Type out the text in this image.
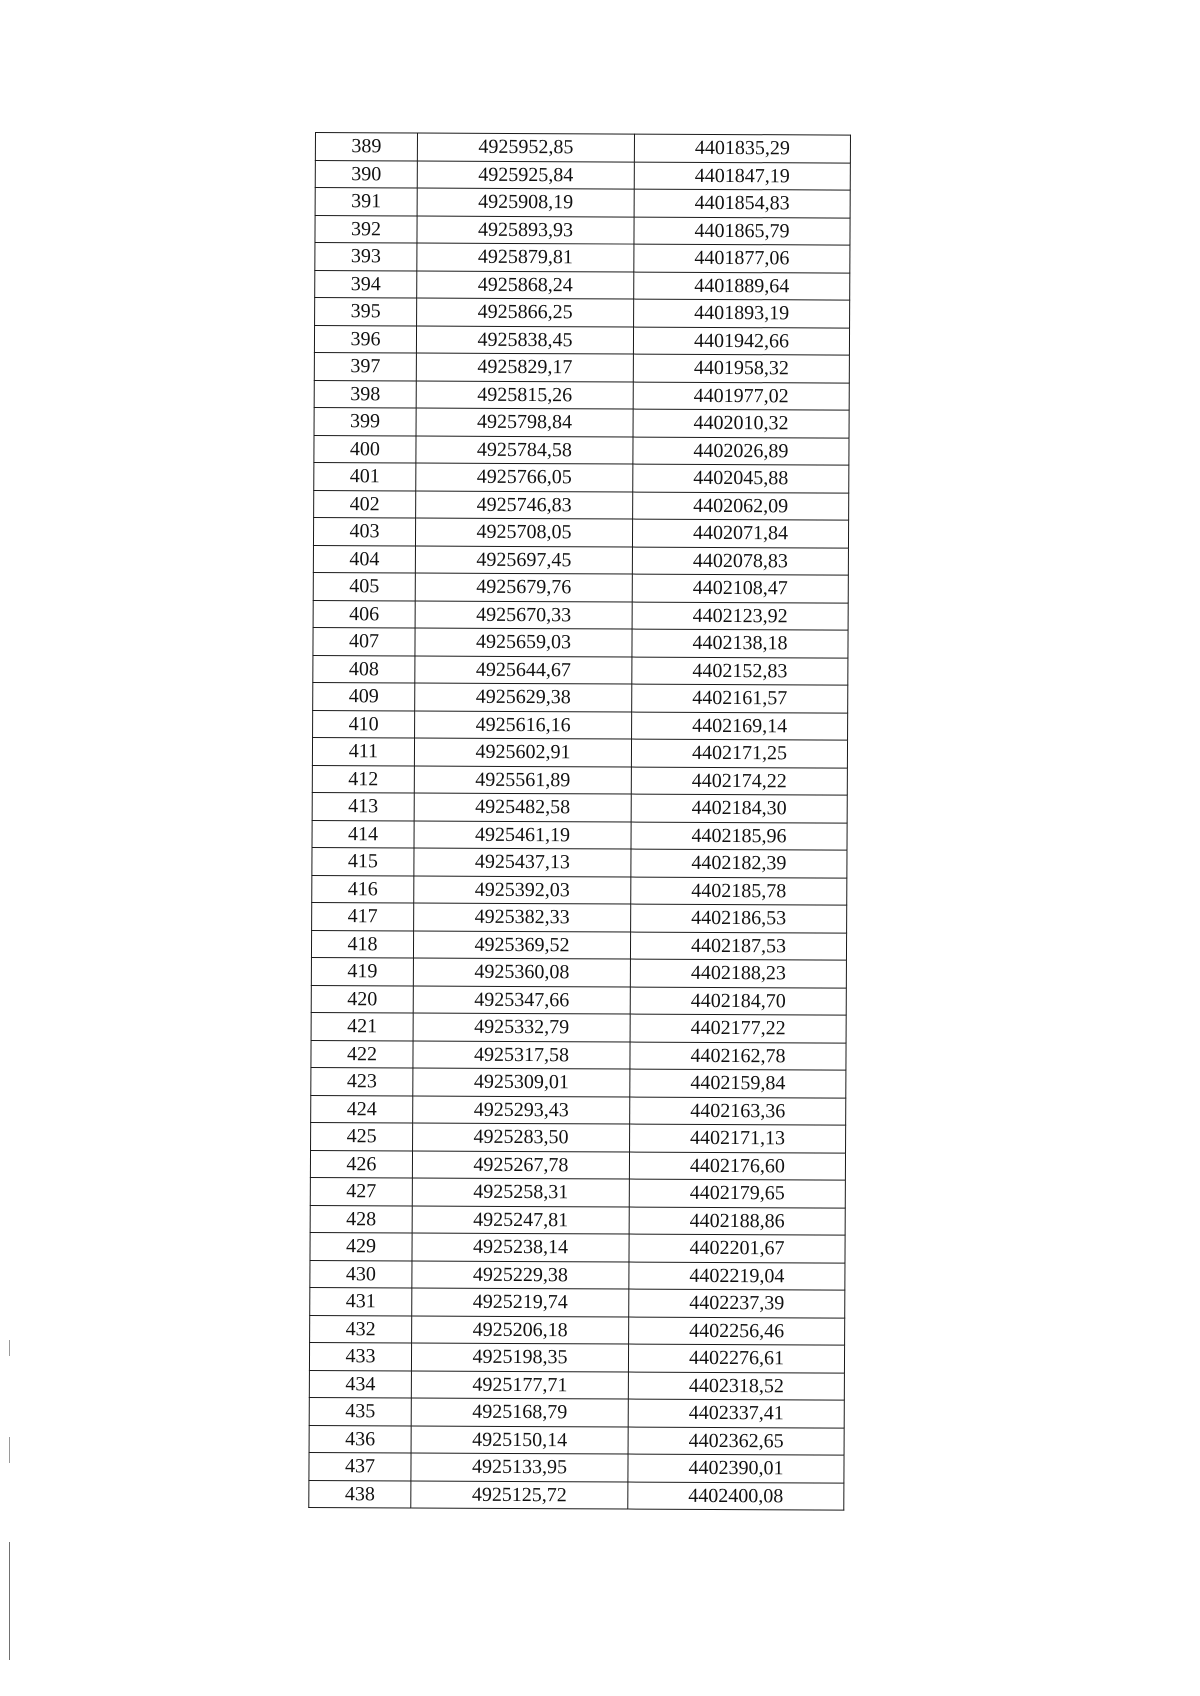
389	4925952,85	4401835,29
390	4925925,84	4401847,19
391	4925908,19	4401854,83
392	4925893,93	4401865,79
393	4925879,81	4401877,06
394	4925868,24	4401889,64
395	4925866,25	4401893,19
396	4925838,45	4401942,66
397	4925829,17	4401958,32
398	4925815,26	4401977,02
399	4925798,84	4402010,32
400	4925784,58	4402026,89
401	4925766,05	4402045,88
402	4925746,83	4402062,09
403	4925708,05	4402071,84
404	4925697,45	4402078,83
405	4925679,76	4402108,47
406	4925670,33	4402123,92
407	4925659,03	4402138,18
408	4925644,67	4402152,83
409	4925629,38	4402161,57
410	4925616,16	4402169,14
411	4925602,91	4402171,25
412	4925561,89	4402174,22
413	4925482,58	4402184,30
414	4925461,19	4402185,96
415	4925437,13	4402182,39
416	4925392,03	4402185,78
417	4925382,33	4402186,53
418	4925369,52	4402187,53
419	4925360,08	4402188,23
420	4925347,66	4402184,70
421	4925332,79	4402177,22
422	4925317,58	4402162,78
423	4925309,01	4402159,84
424	4925293,43	4402163,36
425	4925283,50	4402171,13
426	4925267,78	4402176,60
427	4925258,31	4402179,65
428	4925247,81	4402188,86
429	4925238,14	4402201,67
430	4925229,38	4402219,04
431	4925219,74	4402237,39
432	4925206,18	4402256,46
433	4925198,35	4402276,61
434	4925177,71	4402318,52
435	4925168,79	4402337,41
436	4925150,14	4402362,65
437	4925133,95	4402390,01
438	4925125,72	4402400,08
